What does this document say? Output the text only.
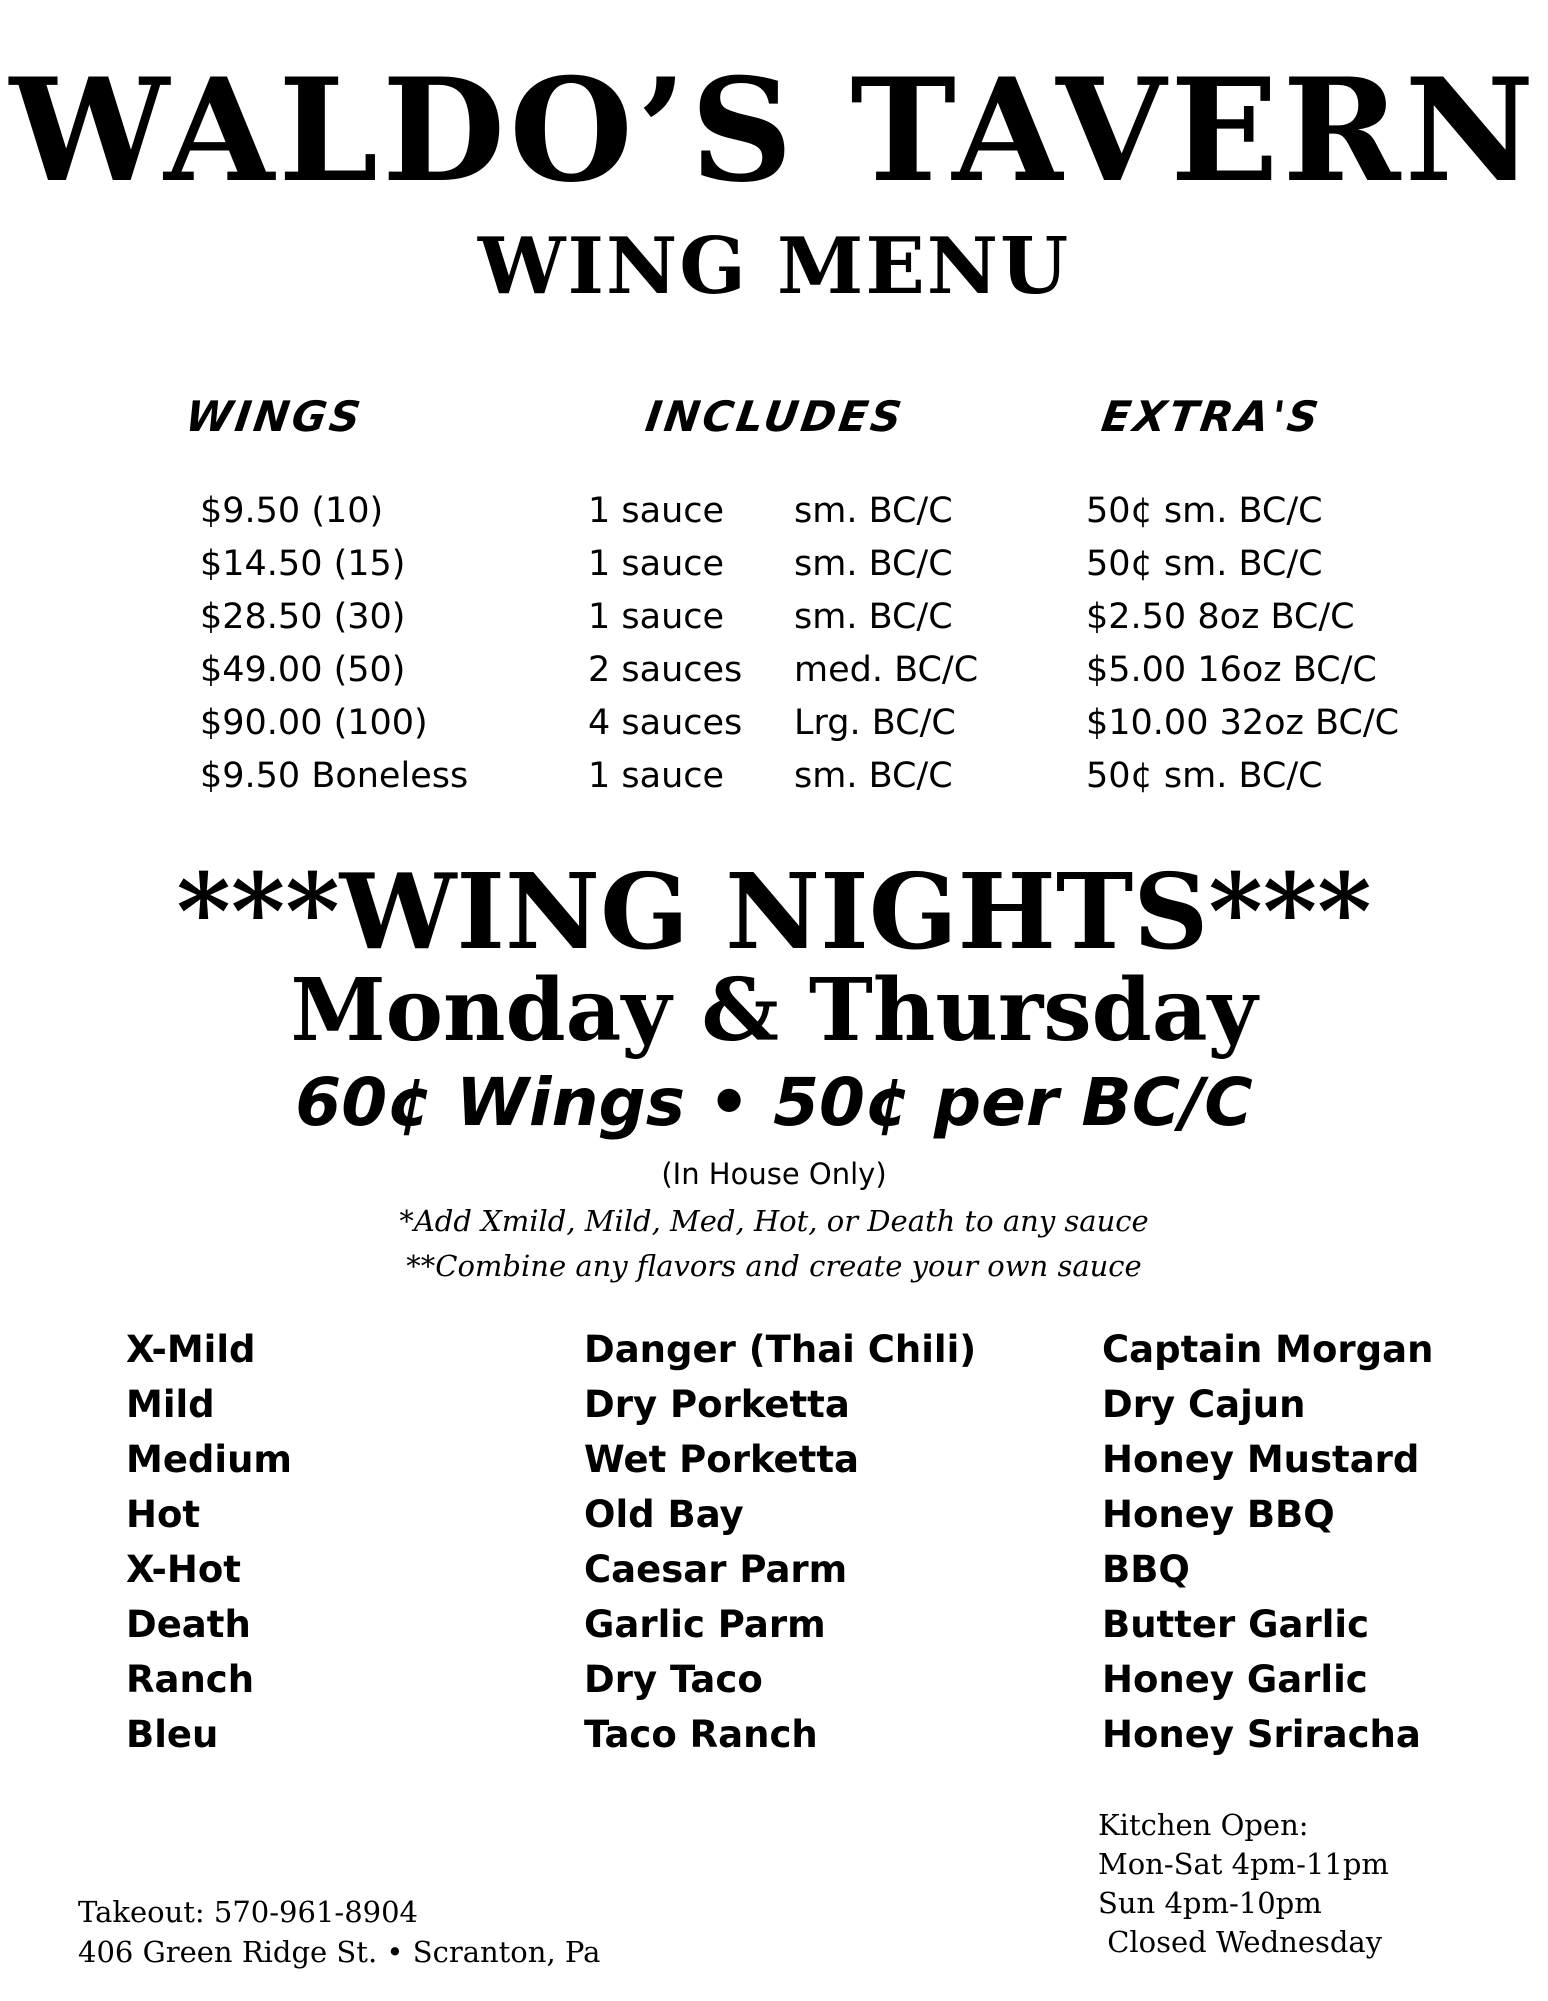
WALDO’S TAVERN
WING MENU
WINGS	INCLUDES	EXTRA'S
$9.50 (10)	1 sauce sm. BC/C	50¢ sm. BC/C
$14.50 (15)	1 sauce sm. BC/C	50¢ sm. BC/C
$28.50 (30)	1 sauce sm. BC/C	$2.50 8oz BC/C
$49.00 (50)	2 sauces med. BC/C	$5.00 16oz BC/C
$90.00 (100)	4 sauces Lrg. BC/C	$10.00 32oz BC/C
$9.50 Boneless	1 sauce sm. BC/C	50¢ sm. BC/C
***WING NIGHTS***
Monday & Thursday
60¢ Wings • 50¢ per BC/C
(In House Only)
*Add Xmild, Mild, Med, Hot, or Death to any sauce
**Combine any flavors and create your own sauce
X-Mild
Mild
Medium
Hot
X-Hot
Death
Ranch
Bleu
Danger (Thai Chili)
Dry Porketta
Wet Porketta
Old Bay
Caesar Parm
Garlic Parm
Dry Taco
Taco Ranch
Captain Morgan
Dry Cajun
Honey Mustard
Honey BBQ
BBQ
Butter Garlic
Honey Garlic
Honey Sriracha
Takeout: 570-961-8904
406 Green Ridge St. • Scranton, Pa
Kitchen Open:
Mon-Sat 4pm-11pm
Sun 4pm-10pm
Closed Wednesday
